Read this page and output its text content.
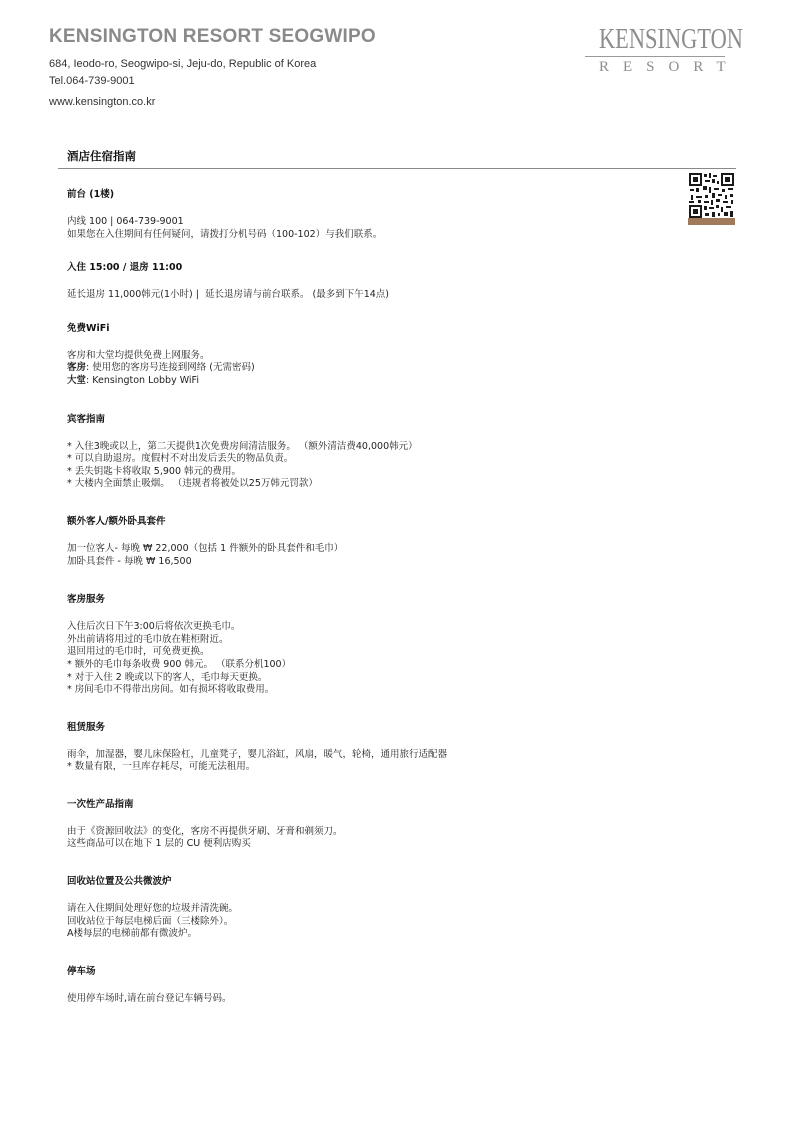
KENSINGTON RESORT SEOGWIPO
684, Ieodo-ro, Seogwipo-si, Jeju-do, Republic of Korea
Tel.064-739-9001
www.kensington.co.kr
KENSINGTON
RESORT
酒店住宿指南
前台 (1楼)

内线 100 | 064-739-9001

如果您在入住期间有任何疑问，请拨打分机号码（100-102）与我们联系。

入住 15:00 / 退房 11:00

延长退房 11,000韩元(1小时) |  延长退房请与前台联系。 (最多到下午14点)

免费WiFi

客房和大堂均提供免费上网服务。

客房: 使用您的客房号连接到网络 (无需密码)

大堂: Kensington Lobby WiFi

宾客指南

* 入住3晚或以上，第二天提供1次免费房间清洁服务。 （额外清洁费40,000韩元）

* 可以自助退房。度假村不对出发后丢失的物品负责。

* 丢失钥匙卡将收取 5,900 韩元的费用。

* 大楼内全面禁止吸烟。 （违规者将被处以25万韩元罚款）

额外客人/额外卧具套件

加一位客人- 每晚 ₩ 22,000（包括 1 件额外的卧具套件和毛巾）

加卧具套件 - 每晚 ₩ 16,500

客房服务

入住后次日下午3:00后将依次更换毛巾。

外出前请将用过的毛巾放在鞋柜附近。

退回用过的毛巾时，可免费更换。

* 额外的毛巾每条收费 900 韩元。 （联系分机100）

* 对于入住 2 晚或以下的客人，毛巾每天更换。

* 房间毛巾不得带出房间。如有损坏将收取费用。

租赁服务

雨伞，加湿器，婴儿床保险杠，儿童凳子，婴儿浴缸，风扇，暖气，轮椅，通用旅行适配器

* 数量有限，一旦库存耗尽，可能无法租用。

一次性产品指南

由于《资源回收法》的变化，客房不再提供牙刷、牙膏和剃须刀。

这些商品可以在地下 1 层的 CU 便利店购买

回收站位置及公共微波炉

请在入住期间处理好您的垃圾并清洗碗。

回收站位于每层电梯后面（三楼除外）。

A楼每层的电梯前都有微波炉。

停车场

使用停车场时,请在前台登记车辆号码。
